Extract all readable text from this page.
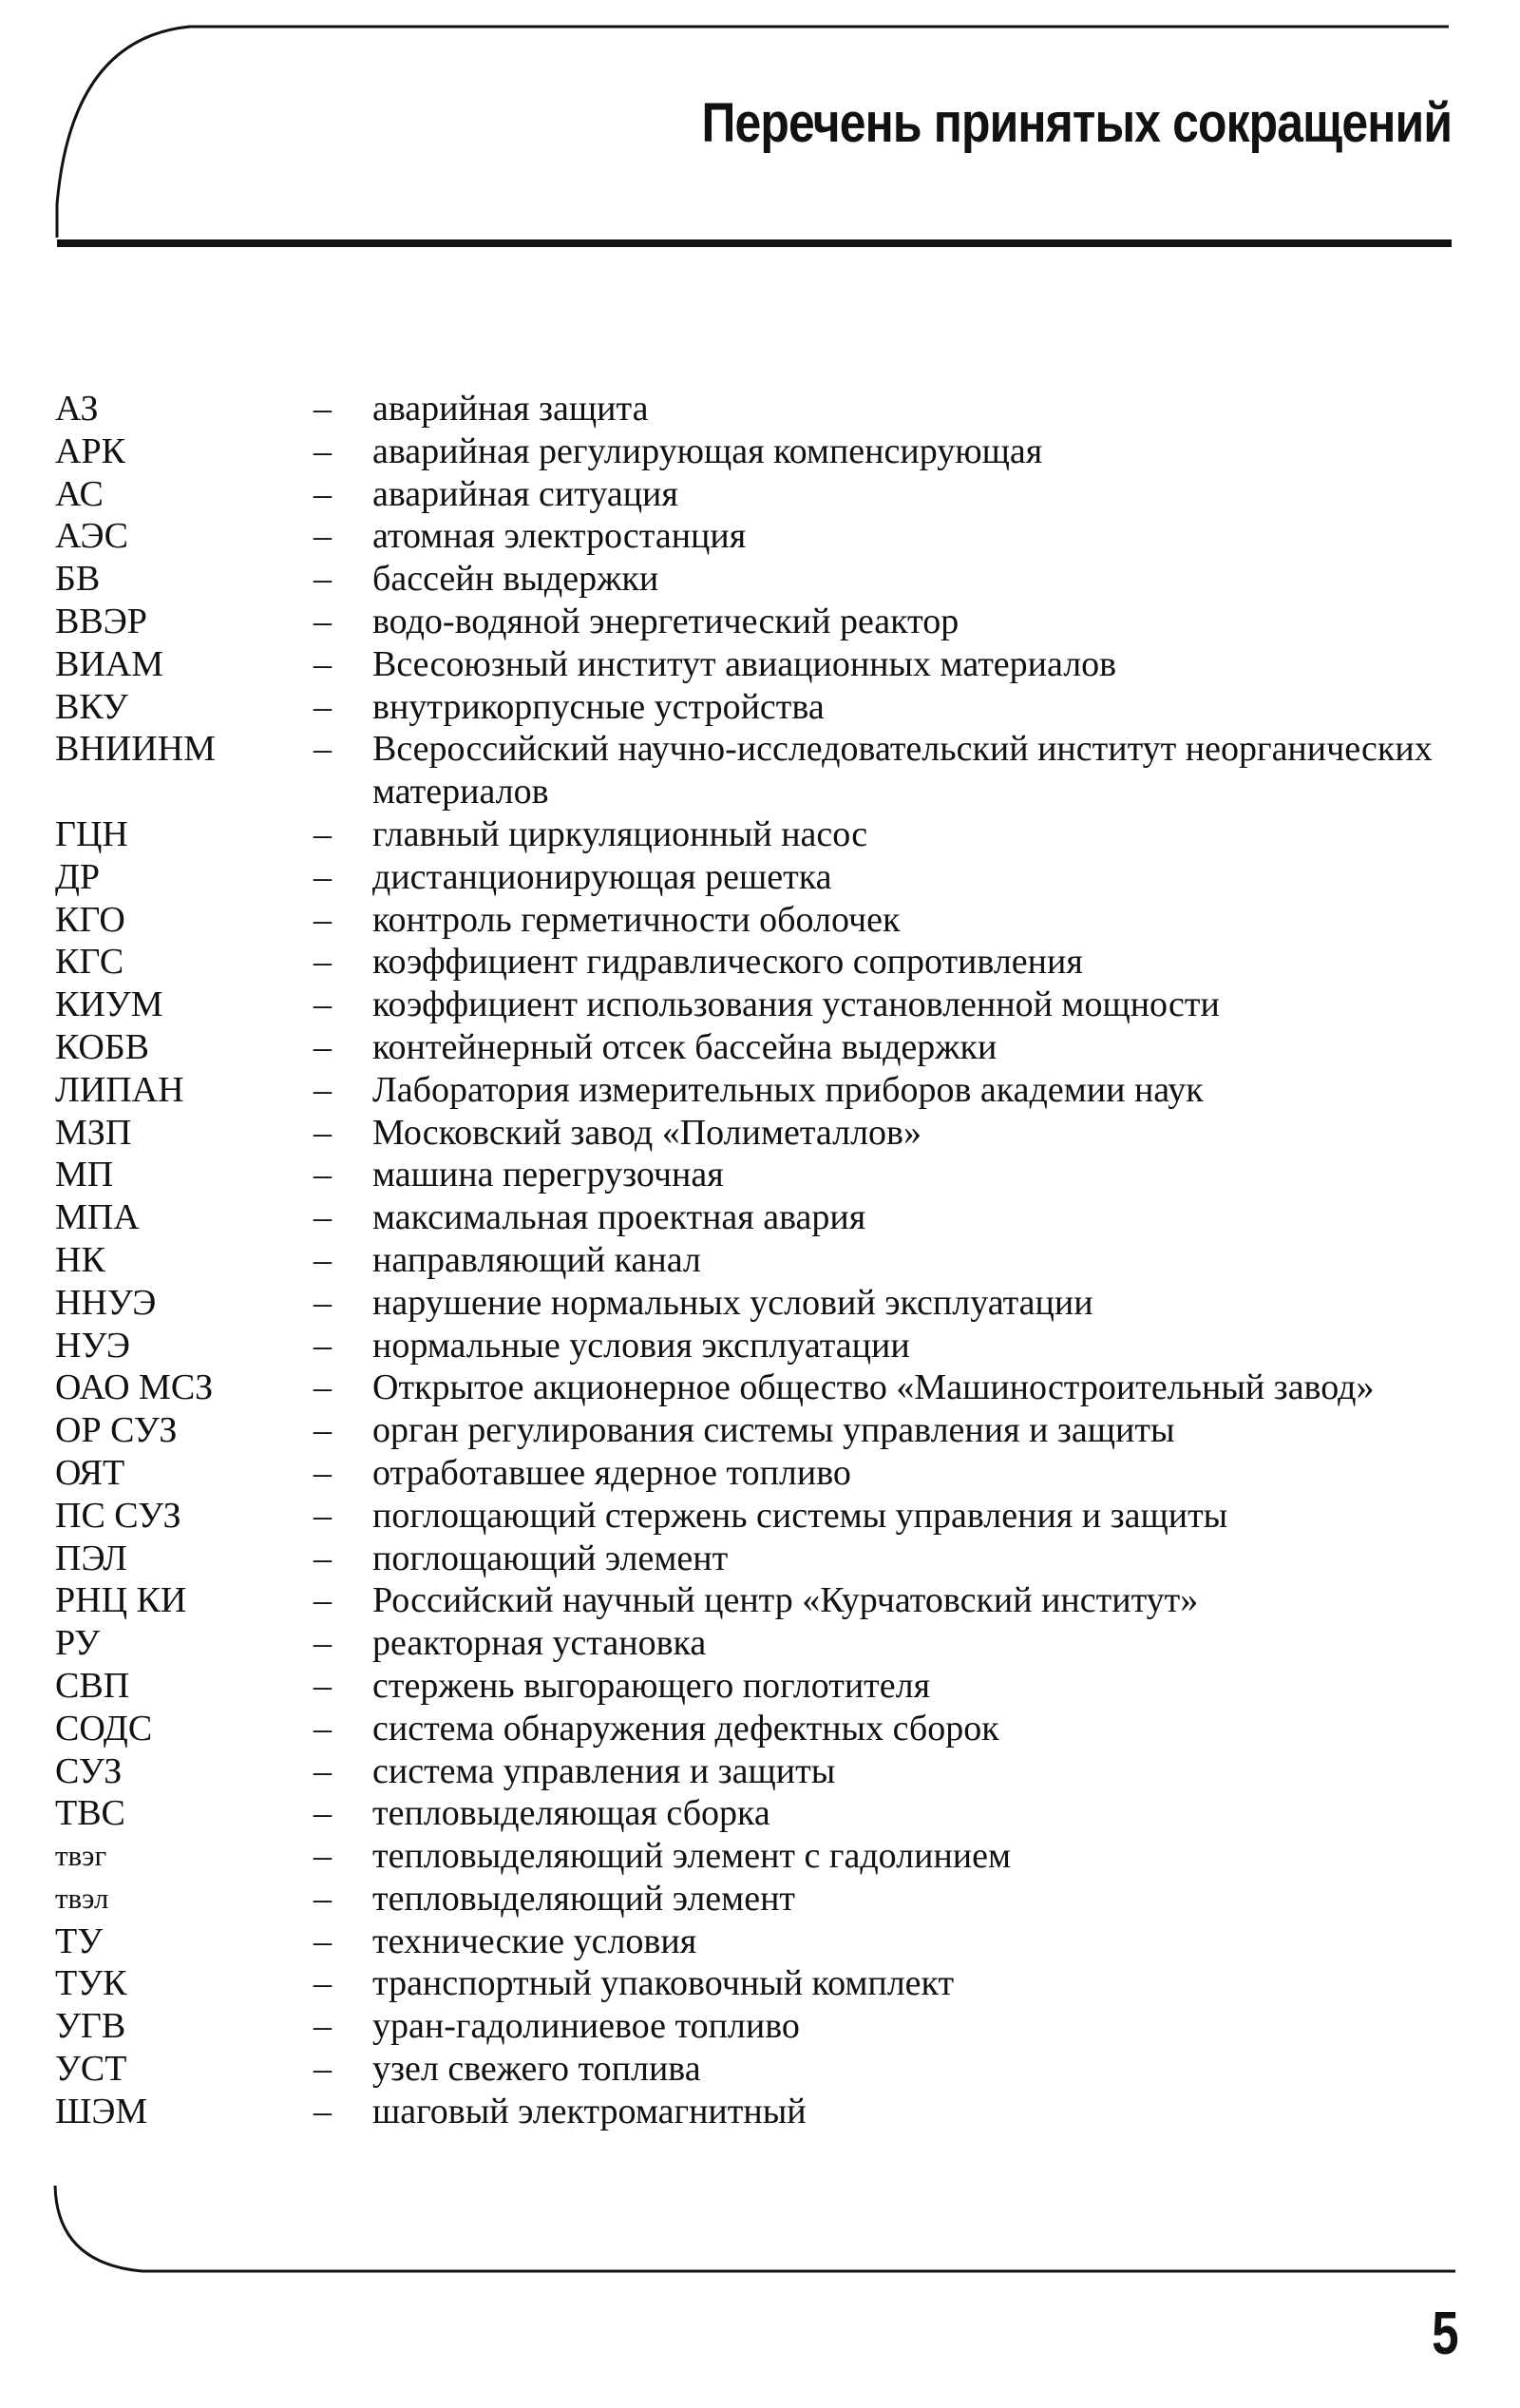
Перечень принятых сокращений
АЗ	–	аварийная защита
АРК	–	аварийная регулирующая компенсирующая
АС	–	аварийная ситуация
АЭС	–	атомная электростанция
БВ	–	бассейн выдержки
ВВЭР	–	водо-водяной энергетический реактор
ВИАМ	–	Всесоюзный институт авиационных материалов
ВКУ	–	внутрикорпусные устройства
ВНИИНМ	–	Всероссийский научно-исследовательский институт неорганических материалов
ГЦН	–	главный циркуляционный насос
ДР	–	дистанционирующая решетка
КГО	–	контроль герметичности оболочек
КГС	–	коэффициент гидравлического сопротивления
КИУМ	–	коэффициент использования установленной мощности
КОБВ	–	контейнерный отсек бассейна выдержки
ЛИПАН	–	Лаборатория измерительных приборов академии наук
МЗП	–	Московский завод «Полиметаллов»
МП	–	машина перегрузочная
МПА	–	максимальная проектная авария
НК	–	направляющий канал
ННУЭ	–	нарушение нормальных условий эксплуатации
НУЭ	–	нормальные условия эксплуатации
ОАО МСЗ	–	Открытое акционерное общество «Машиностроительный завод»
ОР СУЗ	–	орган регулирования системы управления и защиты
ОЯТ	–	отработавшее ядерное топливо
ПС СУЗ	–	поглощающий стержень системы управления и защиты
ПЭЛ	–	поглощающий элемент
РНЦ КИ	–	Российский научный центр «Курчатовский институт»
РУ	–	реакторная установка
СВП	–	стержень выгорающего поглотителя
СОДС	–	система обнаружения дефектных сборок
СУЗ	–	система управления и защиты
ТВС	–	тепловыделяющая сборка
твэг	–	тепловыделяющий элемент с гадолинием
твэл	–	тепловыделяющий элемент
ТУ	–	технические условия
ТУК	–	транспортный упаковочный комплект
УГВ	–	уран-гадолиниевое топливо
УСТ	–	узел свежего топлива
ШЭМ	–	шаговый электромагнитный
5
